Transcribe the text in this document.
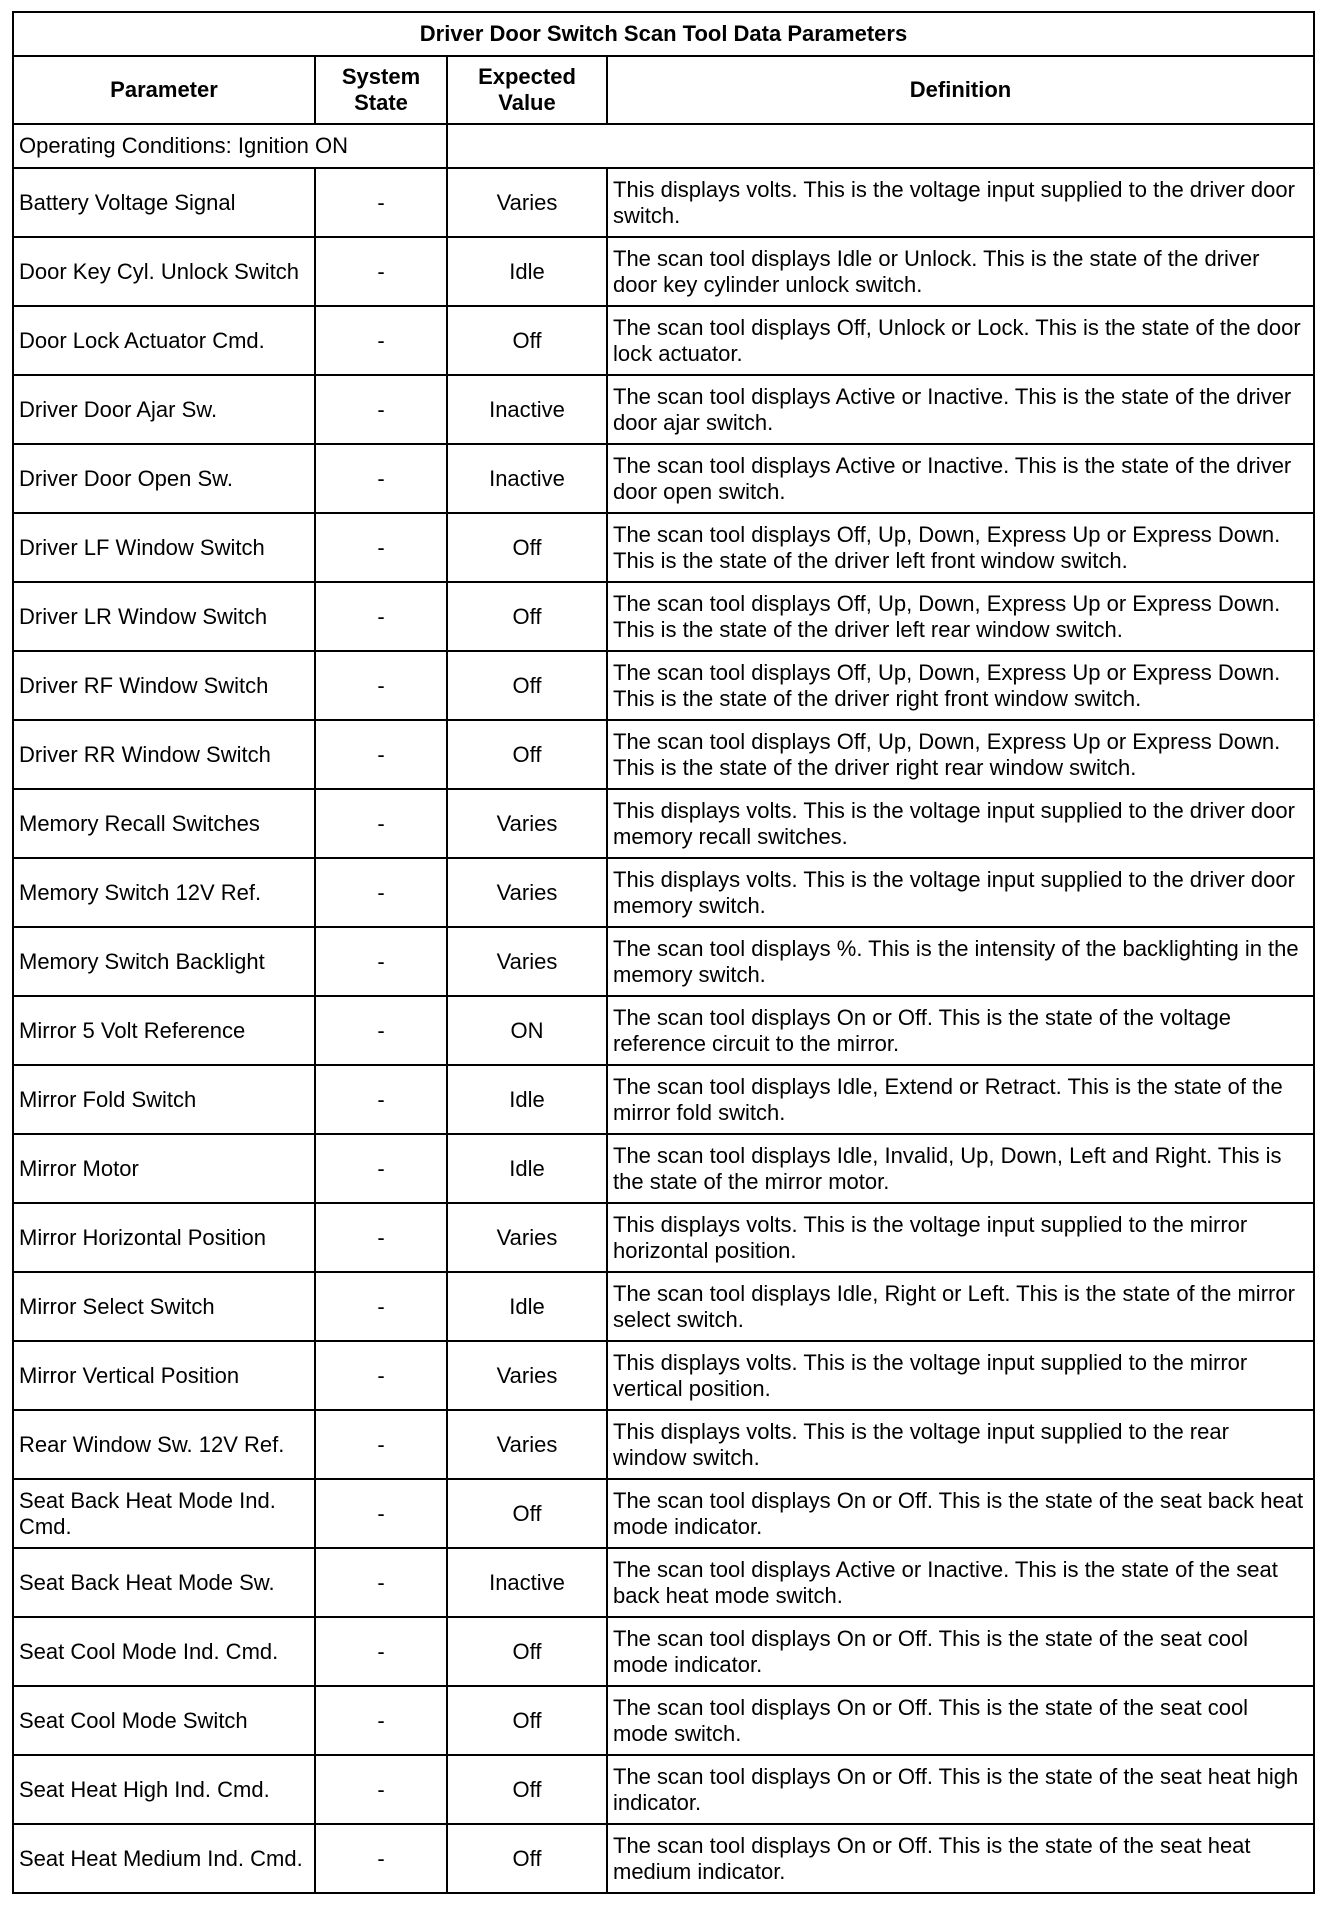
Driver Door Switch Scan Tool Data Parameters			
Parameter	System State	Expected Value	Definition
Operating Conditions: Ignition ON			
Battery Voltage Signal	-	Varies	This displays volts. This is the voltage input supplied to the driver door switch.
Door Key Cyl. Unlock Switch	-	Idle	The scan tool displays Idle or Unlock. This is the state of the driver door key cylinder unlock switch.
Door Lock Actuator Cmd.	-	Off	The scan tool displays Off, Unlock or Lock. This is the state of the door lock actuator.
Driver Door Ajar Sw.	-	Inactive	The scan tool displays Active or Inactive. This is the state of the driver door ajar switch.
Driver Door Open Sw.	-	Inactive	The scan tool displays Active or Inactive. This is the state of the driver door open switch.
Driver LF Window Switch	-	Off	The scan tool displays Off, Up, Down, Express Up or Express Down. This is the state of the driver left front window switch.
Driver LR Window Switch	-	Off	The scan tool displays Off, Up, Down, Express Up or Express Down. This is the state of the driver left rear window switch.
Driver RF Window Switch	-	Off	The scan tool displays Off, Up, Down, Express Up or Express Down. This is the state of the driver right front window switch.
Driver RR Window Switch	-	Off	The scan tool displays Off, Up, Down, Express Up or Express Down. This is the state of the driver right rear window switch.
Memory Recall Switches	-	Varies	This displays volts. This is the voltage input supplied to the driver door memory recall switches.
Memory Switch 12V Ref.	-	Varies	This displays volts. This is the voltage input supplied to the driver door memory switch.
Memory Switch Backlight	-	Varies	The scan tool displays %. This is the intensity of the backlighting in the memory switch.
Mirror 5 Volt Reference	-	ON	The scan tool displays On or Off. This is the state of the voltage reference circuit to the mirror.
Mirror Fold Switch	-	Idle	The scan tool displays Idle, Extend or Retract. This is the state of the mirror fold switch.
Mirror Motor	-	Idle	The scan tool displays Idle, Invalid, Up, Down, Left and Right. This is the state of the mirror motor.
Mirror Horizontal Position	-	Varies	This displays volts. This is the voltage input supplied to the mirror horizontal position.
Mirror Select Switch	-	Idle	The scan tool displays Idle, Right or Left. This is the state of the mirror select switch.
Mirror Vertical Position	-	Varies	This displays volts. This is the voltage input supplied to the mirror vertical position.
Rear Window Sw. 12V Ref.	-	Varies	This displays volts. This is the voltage input supplied to the rear window switch.
Seat Back Heat Mode Ind. Cmd.	-	Off	The scan tool displays On or Off. This is the state of the seat back heat mode indicator.
Seat Back Heat Mode Sw.	-	Inactive	The scan tool displays Active or Inactive. This is the state of the seat back heat mode switch.
Seat Cool Mode Ind. Cmd.	-	Off	The scan tool displays On or Off. This is the state of the seat cool mode indicator.
Seat Cool Mode Switch	-	Off	The scan tool displays On or Off. This is the state of the seat cool mode switch.
Seat Heat High Ind. Cmd.	-	Off	The scan tool displays On or Off. This is the state of the seat heat high indicator.
Seat Heat Medium Ind. Cmd.	-	Off	The scan tool displays On or Off. This is the state of the seat heat medium indicator.
